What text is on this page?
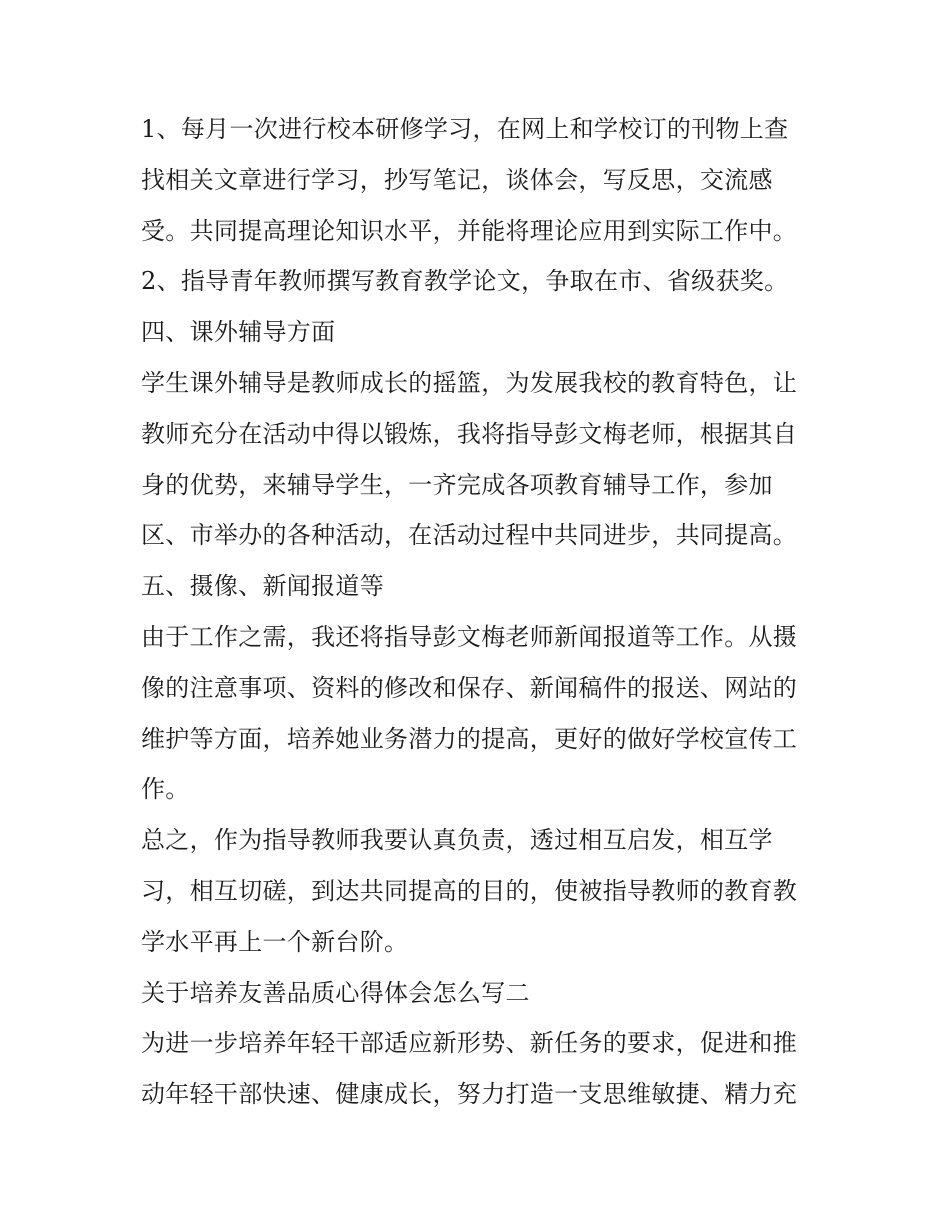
1、每月一次进行校本研修学习，在网上和学校订的刊物上查
找相关文章进行学习，抄写笔记，谈体会，写反思，交流感
受。共同提高理论知识水平，并能将理论应用到实际工作中。
2、指导青年教师撰写教育教学论文，争取在市、省级获奖。
四、课外辅导方面
学生课外辅导是教师成长的摇篮，为发展我校的教育特色，让
教师充分在活动中得以锻炼，我将指导彭文梅老师，根据其自
身的优势，来辅导学生，一齐完成各项教育辅导工作，参加
区、市举办的各种活动，在活动过程中共同进步，共同提高。
五、摄像、新闻报道等
由于工作之需，我还将指导彭文梅老师新闻报道等工作。从摄
像的注意事项、资料的修改和保存、新闻稿件的报送、网站的
维护等方面，培养她业务潜力的提高，更好的做好学校宣传工
作。
总之，作为指导教师我要认真负责，透过相互启发，相互学
习，相互切磋，到达共同提高的目的，使被指导教师的教育教
学水平再上一个新台阶。
关于培养友善品质心得体会怎么写二
为进一步培养年轻干部适应新形势、新任务的要求，促进和推
动年轻干部快速、健康成长，努力打造一支思维敏捷、精力充
